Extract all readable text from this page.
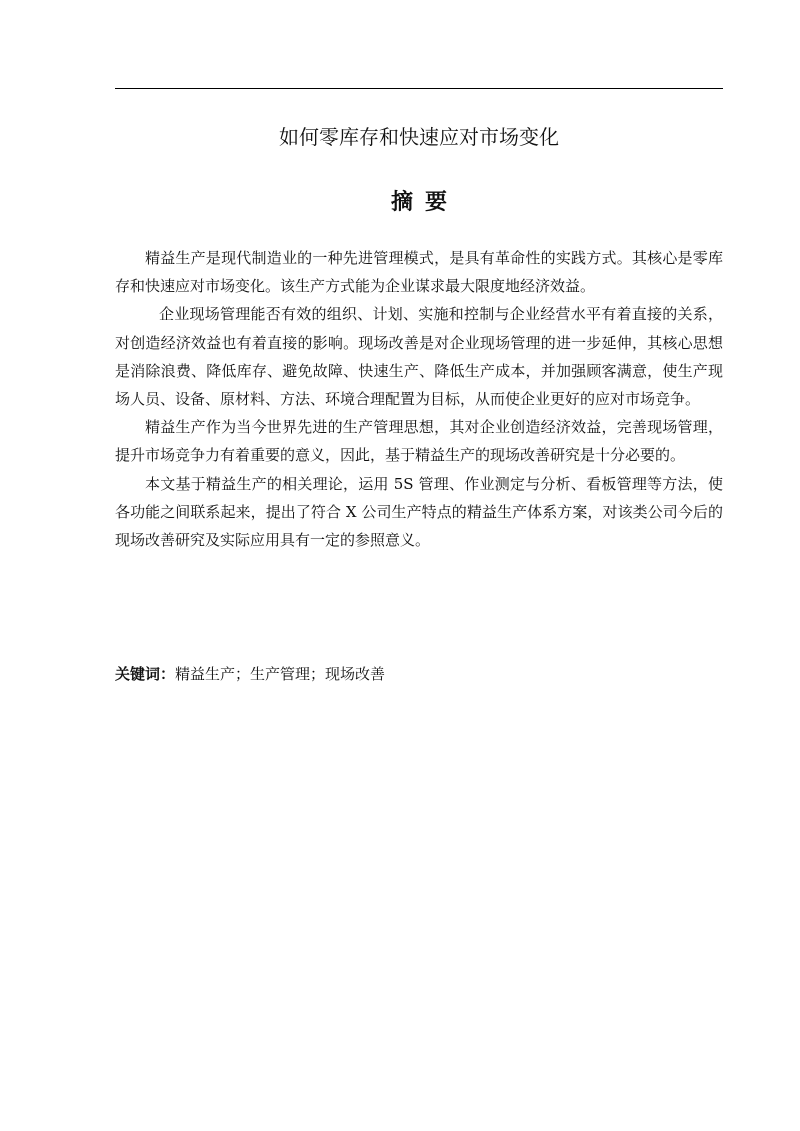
如何零库存和快速应对市场变化
摘要

精益生产是现代制造业的一种先进管理模式，是具有革命性的实践方式。其核心是零库存和快速应对市场变化。该生产方式能为企业谋求最大限度地经济效益。

企业现场管理能否有效的组织、计划、实施和控制与企业经营水平有着直接的关系，对创造经济效益也有着直接的影响。现场改善是对企业现场管理的进一步延伸，其核心思想是消除浪费、降低库存、避免故障、快速生产、降低生产成本，并加强顾客满意，使生产现场人员、设备、原材料、方法、环境合理配置为目标，从而使企业更好的应对市场竞争。

精益生产作为当今世界先进的生产管理思想，其对企业创造经济效益，完善现场管理，提升市场竞争力有着重要的意义，因此，基于精益生产的现场改善研究是十分必要的。

本文基于精益生产的相关理论，运用 5S 管理、作业测定与分析、看板管理等方法，使各功能之间联系起来，提出了符合 X 公司生产特点的精益生产体系方案，对该类公司今后的现场改善研究及实际应用具有一定的参照意义。

关键词：精益生产；生产管理；现场改善
